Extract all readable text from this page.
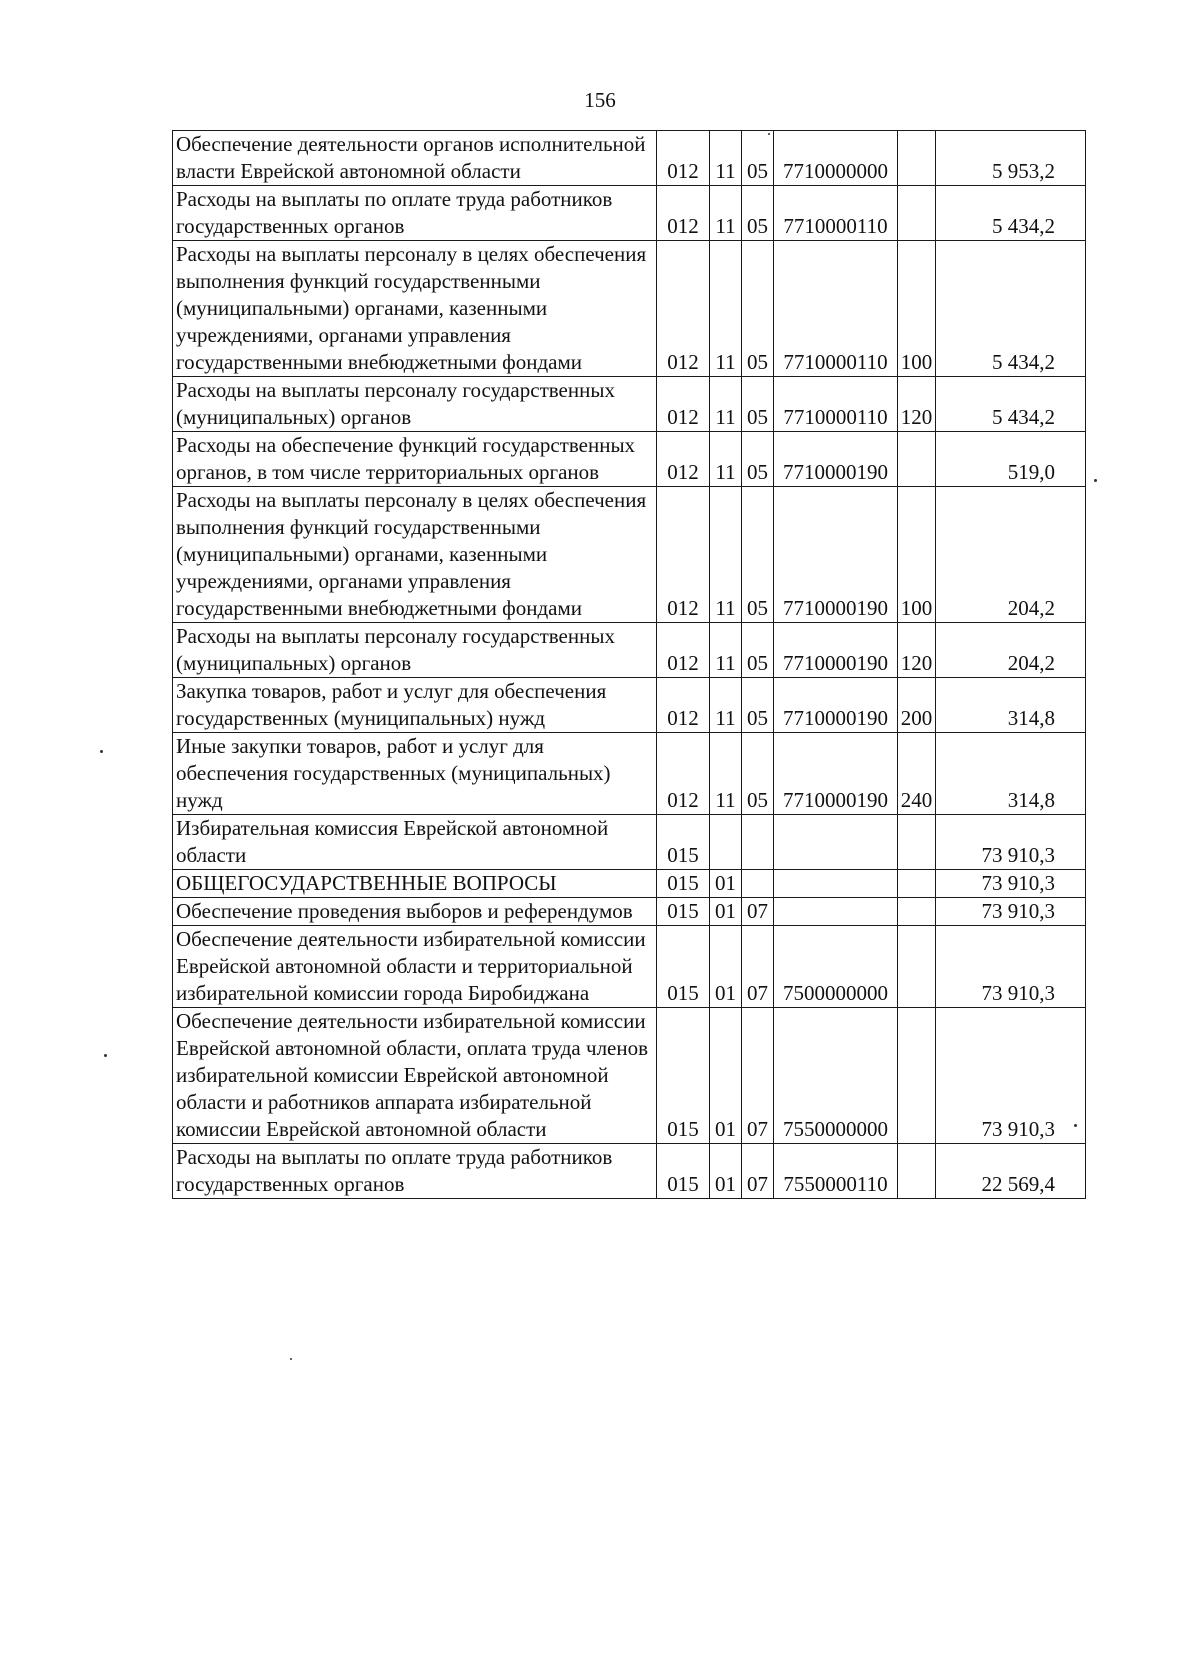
156
Обеспечение деятельности органов исполнительной власти Еврейской автономной области	012	11	05	7710000000		5 953,2
Расходы на выплаты по оплате труда работников государственных органов	012	11	05	7710000110		5 434,2
Расходы на выплаты персоналу в целях обеспечения выполнения функций государственными (муниципальными) органами, казенными учреждениями, органами управления государственными внебюджетными фондами	012	11	05	7710000110	100	5 434,2
Расходы на выплаты персоналу государственных (муниципальных) органов	012	11	05	7710000110	120	5 434,2
Расходы на обеспечение функций государственных органов, в том числе территориальных органов	012	11	05	7710000190		519,0
Расходы на выплаты персоналу в целях обеспечения выполнения функций государственными (муниципальными) органами, казенными учреждениями, органами управления государственными внебюджетными фондами	012	11	05	7710000190	100	204,2
Расходы на выплаты персоналу государственных (муниципальных) органов	012	11	05	7710000190	120	204,2
Закупка товаров, работ и услуг для обеспечения государственных (муниципальных) нужд	012	11	05	7710000190	200	314,8
Иные закупки товаров, работ и услуг для обеспечения государственных (муниципальных) нужд	012	11	05	7710000190	240	314,8
Избирательная комиссия Еврейской автономной области	015					73 910,3
ОБЩЕГОСУДАРСТВЕННЫЕ ВОПРОСЫ	015	01				73 910,3
Обеспечение проведения выборов и референдумов	015	01	07			73 910,3
Обеспечение деятельности избирательной комиссии Еврейской автономной области и территориальной избирательной комиссии города Биробиджана	015	01	07	7500000000		73 910,3
Обеспечение деятельности избирательной комиссии Еврейской автономной области, оплата труда членов избирательной комиссии Еврейской автономной области и работников аппарата избирательной комиссии Еврейской автономной области	015	01	07	7550000000		73 910,3
Расходы на выплаты по оплате труда работников государственных органов	015	01	07	7550000110		22 569,4
